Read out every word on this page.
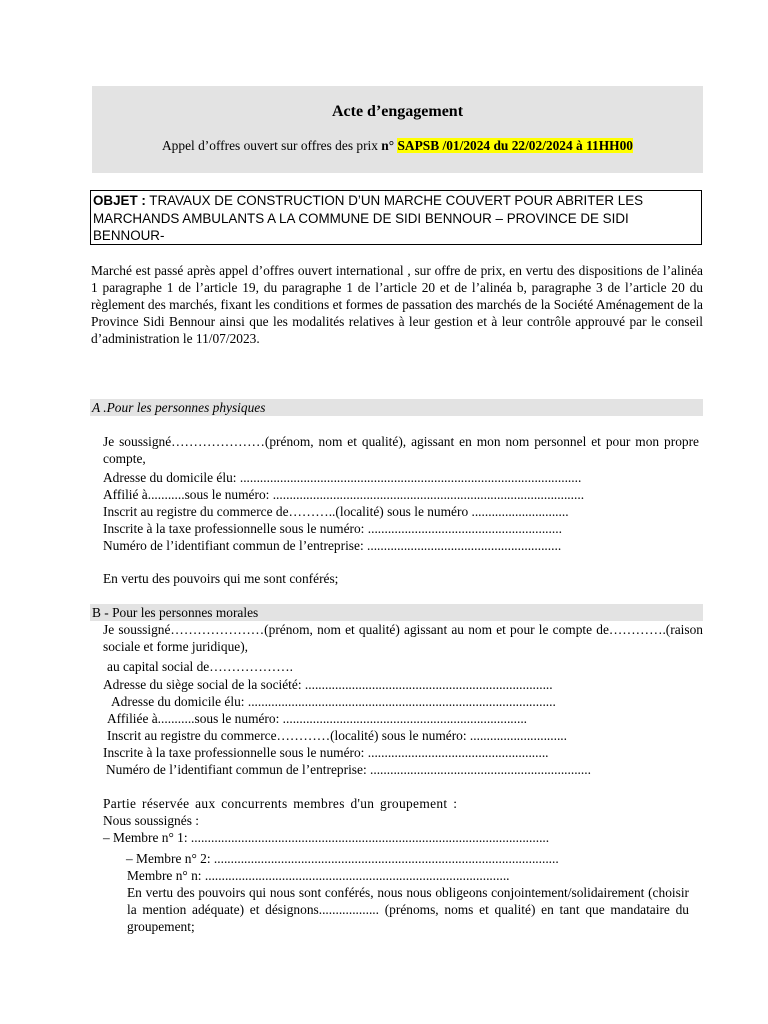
Acte d’engagement
Appel d’offres ouvert sur offres des prix n° SAPSB /01/2024 du 22/02/2024 à 11HH00
OBJET : TRAVAUX DE CONSTRUCTION D’UN MARCHE COUVERT POUR ABRITER LES MARCHANDS AMBULANTS A LA COMMUNE DE SIDI BENNOUR – PROVINCE DE SIDI BENNOUR-
Marché est passé après appel d’offres ouvert international , sur offre de prix, en vertu des dispositions de l’alinéa 1 paragraphe 1 de l’article 19, du paragraphe 1 de l’article 20 et de l’alinéa b, paragraphe 3 de l’article 20 du règlement des marchés, fixant les conditions et formes de passation des marchés de la Société Aménagement de la Province Sidi Bennour ainsi que les modalités relatives à leur gestion et à leur contrôle approuvé par le conseil d’administration le 11/07/2023.
A .Pour les personnes physiques
Je soussigné…………………(prénom, nom et qualité), agissant en mon nom personnel et pour mon propre compte,
Adresse du domicile élu: ......................................................................................................
Affilié à...........sous le numéro: .............................................................................................
Inscrit au registre du commerce de………..(localité) sous le numéro .............................
Inscrite à la taxe professionnelle sous le numéro: ..........................................................
Numéro de l’identifiant commun de l’entreprise: ..........................................................
En vertu des pouvoirs qui me sont conférés;
B - Pour les personnes morales
Je soussigné…………………(prénom, nom et qualité) agissant au nom et pour le compte de………….(raison sociale et forme juridique),
au capital social de……………….
Adresse du siège social de la société: ..........................................................................
Adresse du domicile élu: ............................................................................................
Affiliée à...........sous le numéro: .........................................................................
Inscrit au registre du commerce…………(localité) sous le numéro: .............................
Inscrite à la taxe professionnelle sous le numéro: ......................................................
Numéro de l’identifiant commun de l’entreprise: ..................................................................
Partie réservée aux concurrents membres d'un groupement :
Nous soussignés :
– Membre n° 1: ...........................................................................................................
– Membre n° 2: .......................................................................................................
Membre n° n: ...........................................................................................
En vertu des pouvoirs qui nous sont conférés, nous nous obligeons conjointement/solidairement (choisir la mention adéquate) et désignons.................. (prénoms, noms et qualité) en tant que mandataire du groupement;
